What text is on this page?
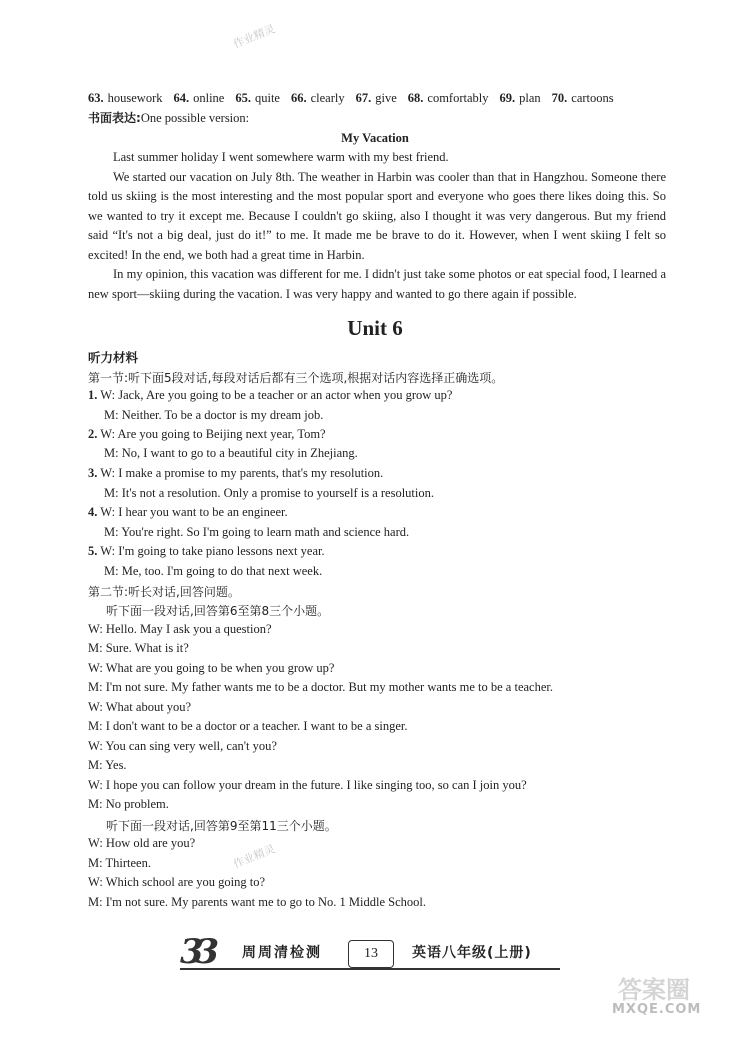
作业精灵
作业精灵
63. housework 64. online 65. quite 66. clearly 67. give 68. comfortably 69. plan 70. cartoons
书面表达:One possible version:
My Vacation

Last summer holiday I went somewhere warm with my best friend.

We started our vacation on July 8th. The weather in Harbin was cooler than that in Hangzhou. Someone there told us skiing is the most interesting and the most popular sport and everyone who goes there likes doing this. So we wanted to try it except me. Because I couldn't go skiing, also I thought it was very dangerous. But my friend said “It's not a big deal, just do it!” to me. It made me be brave to do it. However, when I went skiing I felt so excited! In the end, we both had a great time in Harbin.

In my opinion, this vacation was different for me. I didn't just take some photos or eat special food, I learned a new sport—skiing during the vacation. I was very happy and wanted to go there again if possible.

Unit 6
听力材料
第一节:听下面5段对话,每段对话后都有三个选项,根据对话内容选择正确选项。
1. W: Jack, Are you going to be a teacher or an actor when you grow up?
M: Neither. To be a doctor is my dream job.
2. W: Are you going to Beijing next year, Tom?
M: No, I want to go to a beautiful city in Zhejiang.
3. W: I make a promise to my parents, that's my resolution.
M: It's not a resolution. Only a promise to yourself is a resolution.
4. W: I hear you want to be an engineer.
M: You're right. So I'm going to learn math and science hard.
5. W: I'm going to take piano lessons next year.
M: Me, too. I'm going to do that next week.
第二节:听长对话,回答问题。
听下面一段对话,回答第6至第8三个小题。
W: Hello. May I ask you a question?
M: Sure. What is it?
W: What are you going to be when you grow up?
M: I'm not sure. My father wants me to be a doctor. But my mother wants me to be a teacher.
W: What about you?
M: I don't want to be a doctor or a teacher. I want to be a singer.
W: You can sing very well, can't you?
M: Yes.
W: I hope you can follow your dream in the future. I like singing too, so can I join you?
M: No problem.
听下面一段对话,回答第9至第11三个小题。
W: How old are you?
M: Thirteen.
W: Which school are you going to?
M: I'm not sure. My parents want me to go to No. 1 Middle School.
3 3 周周清检测	13	英语八年级(上册)
答案圈
MXQE.COM
